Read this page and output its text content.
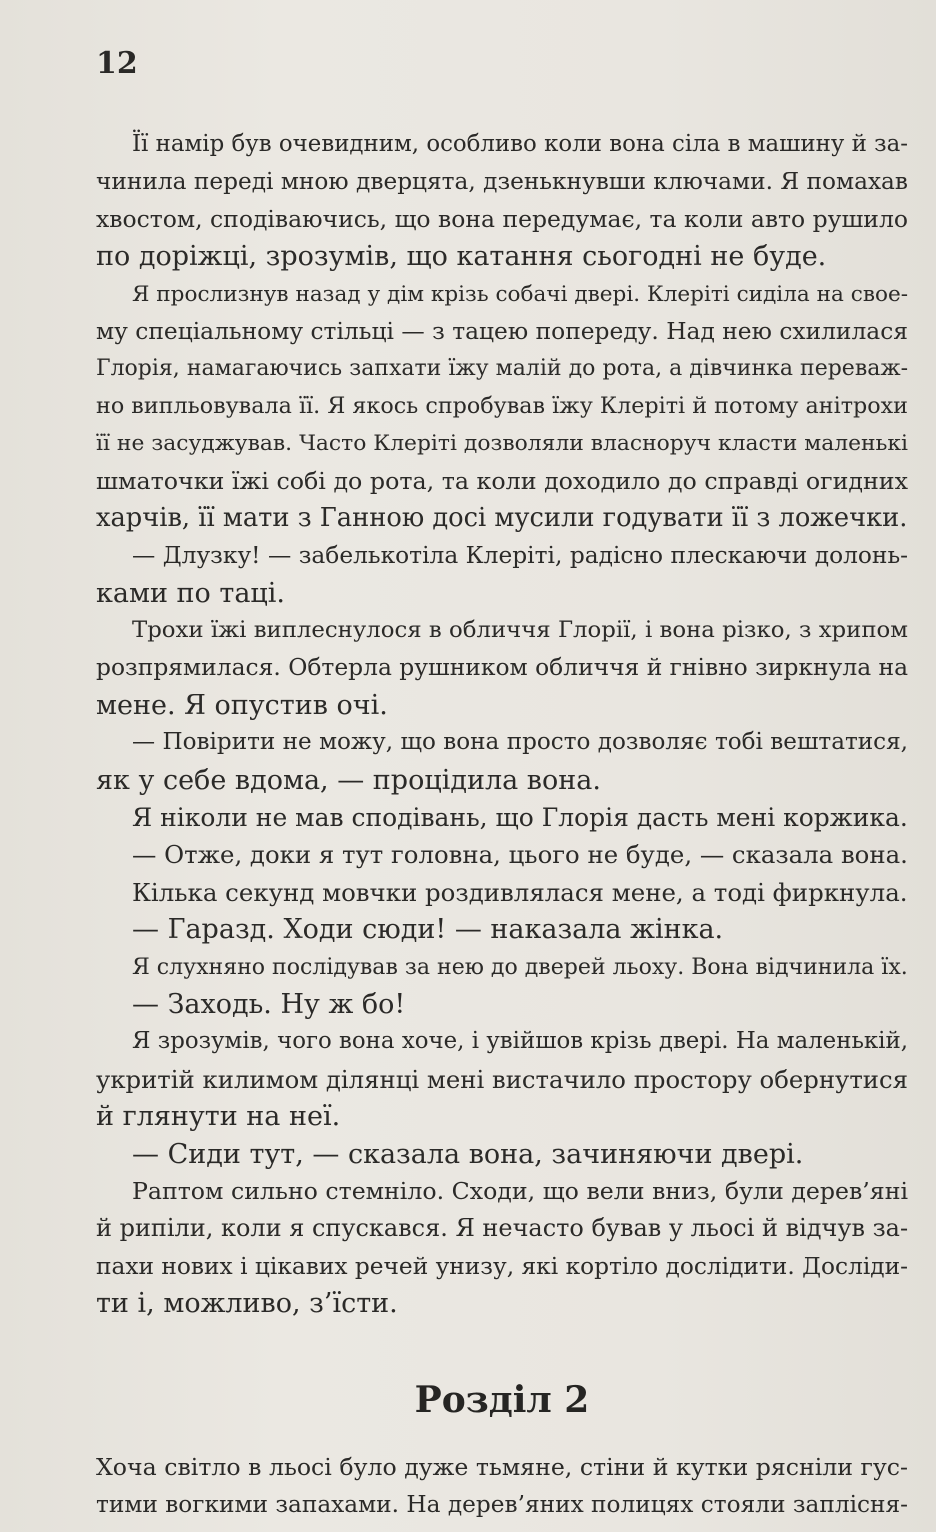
12
Її намір був очевидним, особливо коли вона сіла в машину й за-
чинила переді мною дверцята, дзенькнувши ключами. Я помахав
хвостом, сподіваючись, що вона передумає, та коли авто рушило
по доріжці, зрозумів, що катання сьогодні не буде.
Я прослизнув назад у дім крізь собачі двері. Клеріті сиділа на свое-
му спеціальному стільці — з тацею попереду. Над нею схилилася
Глорія, намагаючись запхати їжу малій до рота, а дівчинка переваж-
но випльовувала її. Я якось спробував їжу Клеріті й потому анітрохи
її не засуджував. Часто Клеріті дозволяли власноруч класти маленькі
шматочки їжі собі до рота, та коли доходило до справді огидних
харчів, її мати з Ганною досі мусили годувати її з ложечки.
— Длузку! — забелькотіла Клеріті, радісно плескаючи долонь-
ками по таці.
Трохи їжі виплеснулося в обличчя Глорії, і вона різко, з хрипом
розпрямилася. Обтерла рушником обличчя й гнівно зиркнула на
мене. Я опустив очі.
— Повірити не можу, що вона просто дозволяє тобі вештатися,
як у себе вдома, — процідила вона.
Я ніколи не мав сподівань, що Глорія дасть мені коржика.
— Отже, доки я тут головна, цього не буде, — сказала вона.
Кілька секунд мовчки роздивлялася мене, а тоді фиркнула.
— Гаразд. Ходи сюди! — наказала жінка.
Я слухняно послідував за нею до дверей льоху. Вона відчинила їх.
— Заходь. Ну ж бо!
Я зрозумів, чого вона хоче, і увійшов крізь двері. На маленькій,
укритій килимом ділянці мені вистачило простору обернутися
й глянути на неї.
— Сиди тут, — сказала вона, зачиняючи двері.
Раптом сильно стемніло. Сходи, що вели вниз, були дерев’яні
й рипіли, коли я спускався. Я нечасто бував у льосі й відчув за-
пахи нових і цікавих речей унизу, які кортіло дослідити. Досліди-
ти і, можливо, з’їсти.
Розділ 2
Хоча світло в льосі було дуже тьмяне, стіни й кутки рясніли гус-
тими вогкими запахами. На дерев’яних полицях стояли заплісня-
